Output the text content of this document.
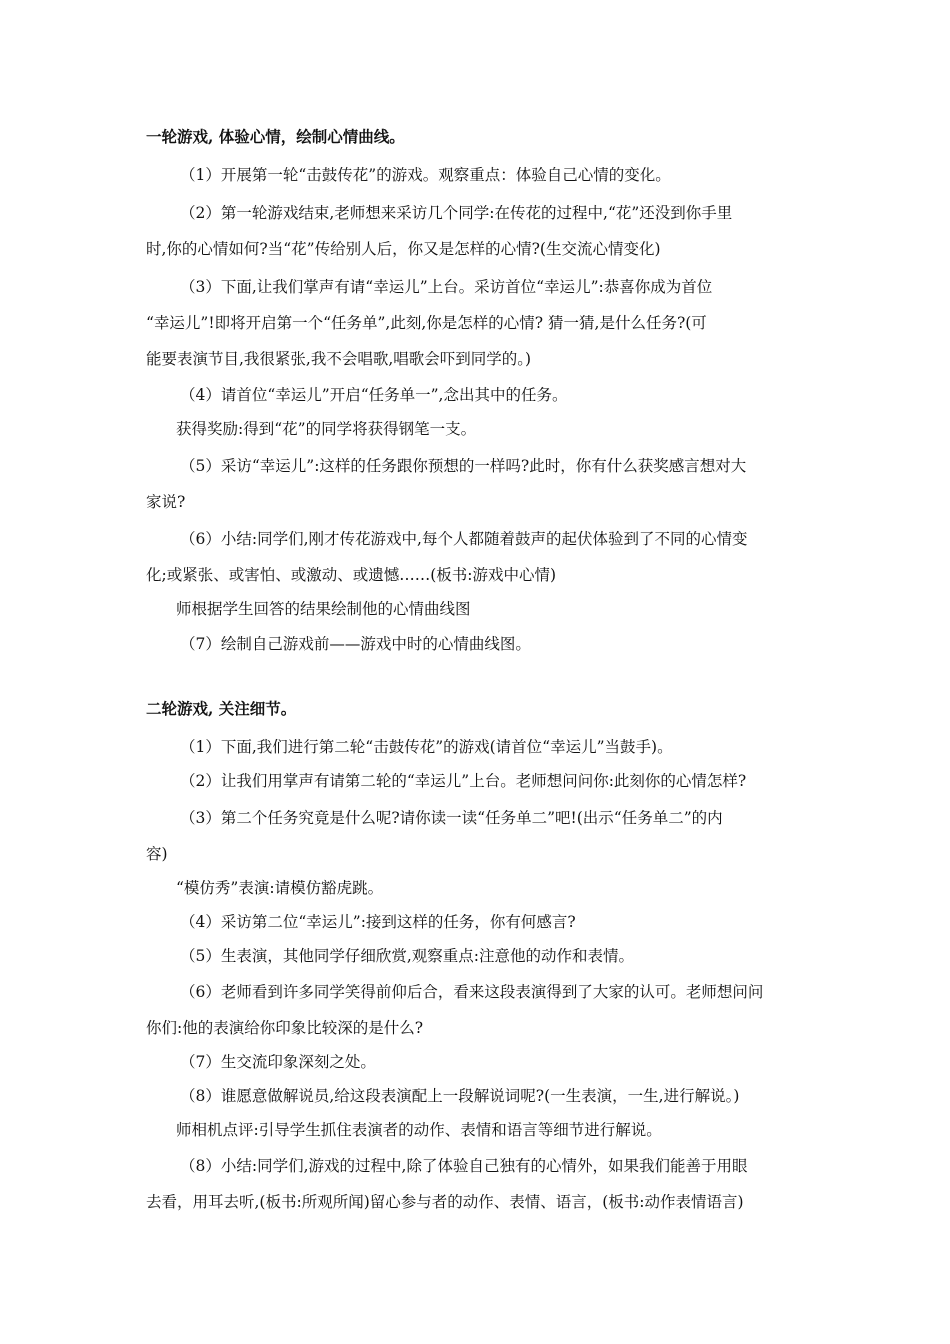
一轮游戏, 体验心情，绘制心情曲线。
（1）开展第一轮“击鼓传花”的游戏。观察重点：体验自己心情的变化。
（2）第一轮游戏结束,老师想来采访几个同学:在传花的过程中,“花”还没到你手里
时,你的心情如何?当“花”传给别人后，你又是怎样的心情?(生交流心情变化)
（3）下面,让我们掌声有请“幸运儿”上台。采访首位“幸运儿”:恭喜你成为首位
“幸运儿”!即将开启第一个“任务单”,此刻,你是怎样的心情? 猜一猜,是什么任务?(可
能要表演节目,我很紧张,我不会唱歌,唱歌会吓到同学的。)
（4）请首位“幸运儿”开启“任务单一”,念出其中的任务。
获得奖励:得到“花”的同学将获得钢笔一支。
（5）采访“幸运儿”:这样的任务跟你预想的一样吗?此时，你有什么获奖感言想对大
家说?
（6）小结:同学们,刚才传花游戏中,每个人都随着鼓声的起伏体验到了不同的心情变
化;或紧张、或害怕、或激动、或遗憾……(板书:游戏中心情)
师根据学生回答的结果绘制他的心情曲线图
（7）绘制自己游戏前——游戏中时的心情曲线图。
二轮游戏, 关注细节。
（1）下面,我们进行第二轮“击鼓传花”的游戏(请首位“幸运儿”当鼓手)。
（2）让我们用掌声有请第二轮的“幸运儿”上台。老师想问问你:此刻你的心情怎样?
（3）第二个任务究竟是什么呢?请你读一读“任务单二”吧!(出示“任务单二”的内
容)
“模仿秀”表演:请模仿豁虎跳。
（4）采访第二位“幸运儿”:接到这样的任务，你有何感言?
（5）生表演，其他同学仔细欣赏,观察重点:注意他的动作和表情。
（6）老师看到许多同学笑得前仰后合，看来这段表演得到了大家的认可。老师想问问
你们:他的表演给你印象比较深的是什么?
（7）生交流印象深刻之处。
（8）谁愿意做解说员,给这段表演配上一段解说词呢?(一生表演，一生,进行解说。)
师相机点评:引导学生抓住表演者的动作、表情和语言等细节进行解说。
（8）小结:同学们,游戏的过程中,除了体验自己独有的心情外，如果我们能善于用眼
去看，用耳去听,(板书:所观所闻)留心参与者的动作、表情、语言，(板书:动作表情语言)
